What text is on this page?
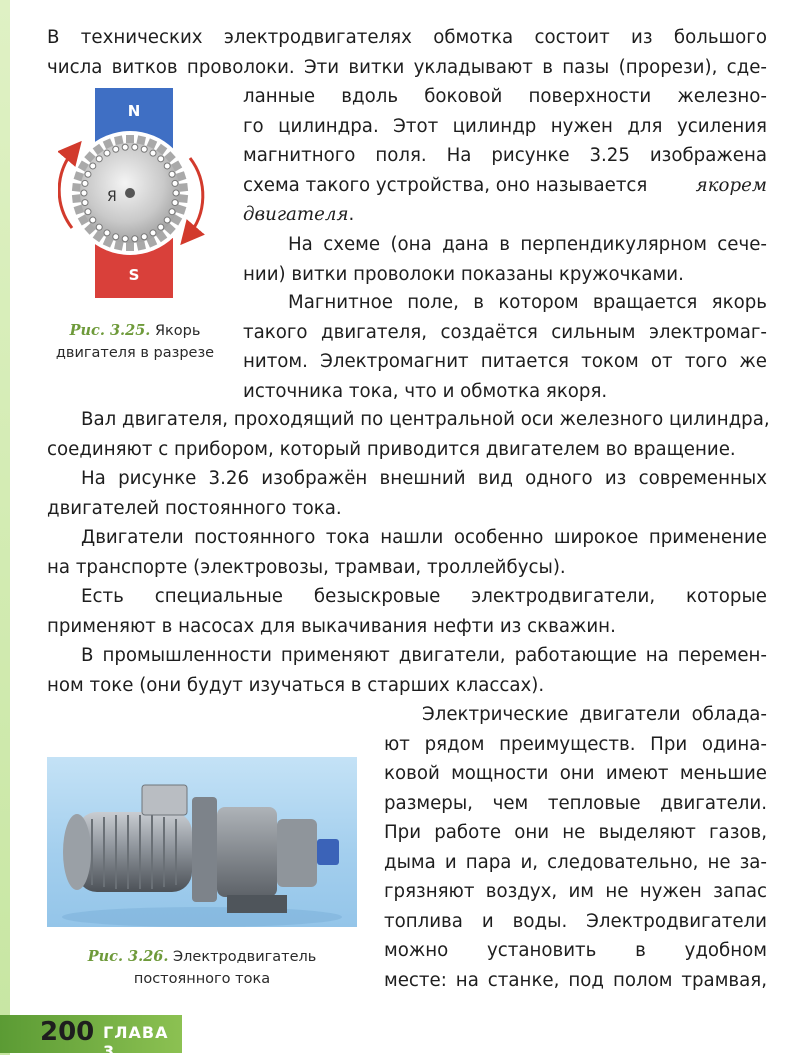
В технических электродвигателях обмотка состоит из большого
числа витков проволоки. Эти витки укладывают в пазы (прорези), сде-

ланные вдоль боковой поверхности железно-
го цилиндра. Этот цилиндр нужен для усиления
магнитного поля. На рисунке 3.25 изображена
схема такого устройства, оно называется	якорем
двигателя.

На схеме (она дана в перпендикулярном сече-
нии) витки проволоки показаны кружочками.

Магнитное поле, в котором вращается якорь
такого двигателя, создаётся сильным электромаг-
нитом. Электромагнит питается током от того же
источника тока, что и обмотка якоря.

N
S
Я
Рис. 3.25. Якорь
двигателя в разрезе

Вал двигателя, проходящий по центральной оси железного цилиндра,
соединяют с прибором, который приводится двигателем во вращение.

На рисунке 3.26 изображён внешний вид одного из современных
двигателей постоянного тока.

Двигатели постоянного тока нашли особенно широкое применение
на транспорте (электровозы, трамваи, троллейбусы).

Есть специальные безыскровые электродвигатели, которые
применяют в насосах для выкачивания нефти из скважин.

В промышленности применяют двигатели, работающие на перемен-
ном токе (они будут изучаться в старших классах).

Рис. 3.26. Электродвигатель
постоянного тока

Электрические двигатели облада-
ют рядом преимуществ. При одина-
ковой мощности они имеют меньшие
размеры, чем тепловые двигатели.
При работе они не выделяют газов,
дыма и пара и, следовательно, не за-
грязняют воздух, им не нужен запас
топлива и воды. Электродвигатели
можно установить в удобном
месте: на станке, под полом трамвая,

200 ГЛАВА 3
